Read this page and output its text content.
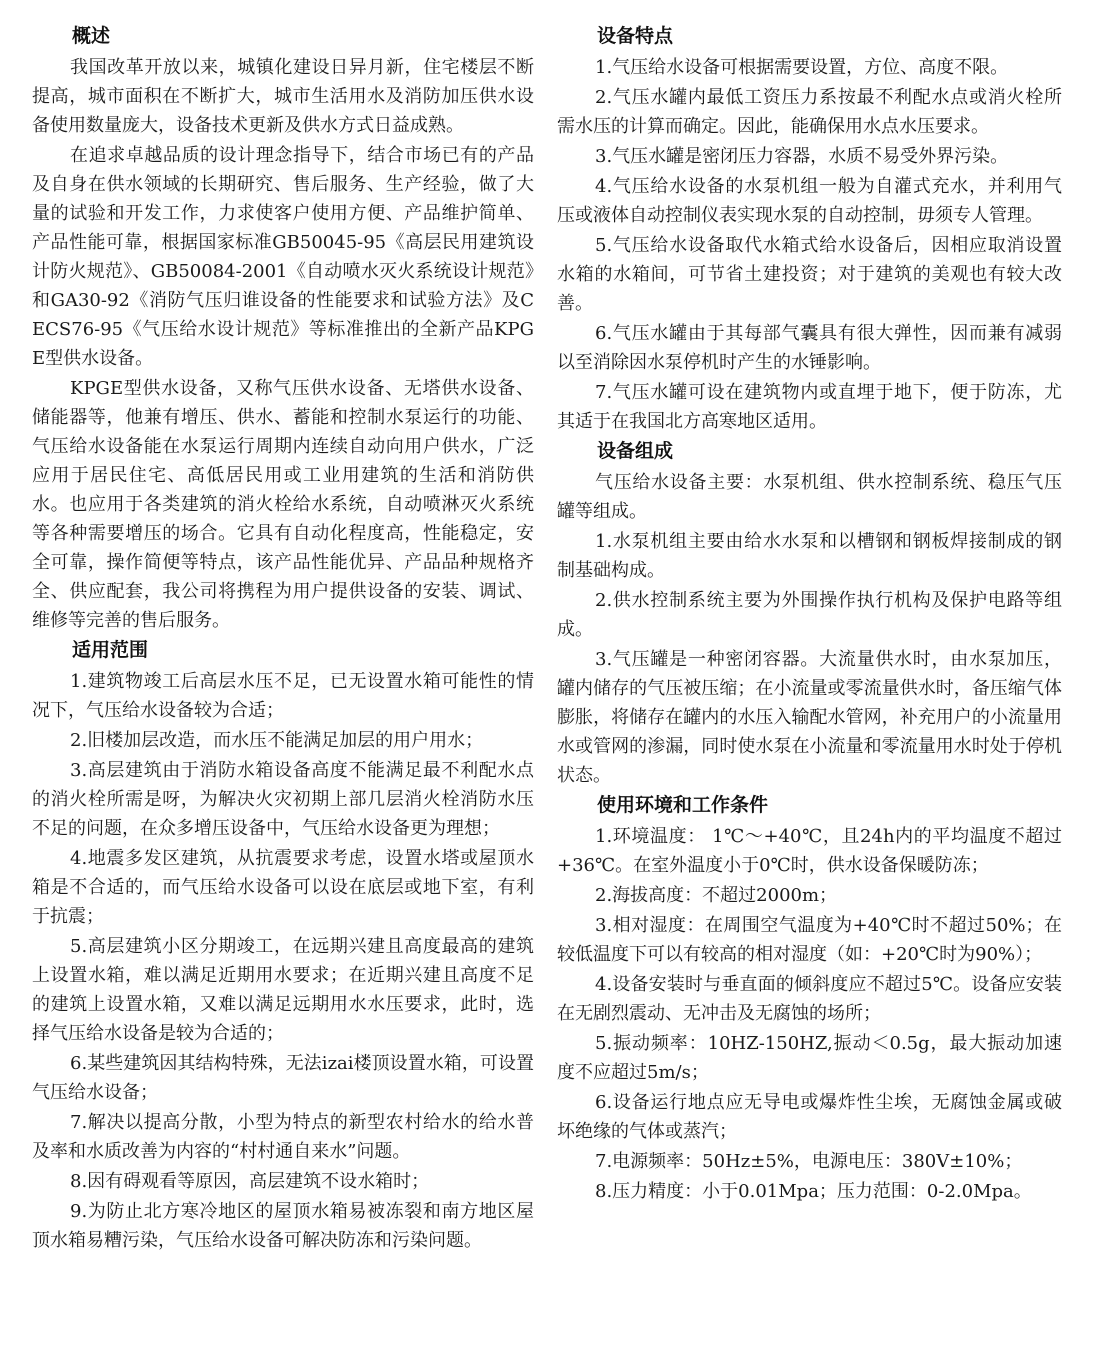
概述

我国改革开放以来，城镇化建设日异月新，住宅楼层不断提高，城市面积在不断扩大，城市生活用水及消防加压供水设备使用数量庞大，设备技术更新及供水方式日益成熟。

在追求卓越品质的设计理念指导下，结合市场已有的产品及自身在供水领域的长期研究、售后服务、生产经验，做了大量的试验和开发工作，力求使客户使用方便、产品维护简单、产品性能可靠，根据国家标准GB50045-95《高层民用建筑设计防火规范》、GB50084-2001《自动喷水灭火系统设计规范》和GA30-92《消防气压归谁设备的性能要求和试验方法》及CECS76-95《气压给水设计规范》等标准推出的全新产品KPGE型供水设备。

KPGE型供水设备，又称气压供水设备、无塔供水设备、储能器等，他兼有增压、供水、蓄能和控制水泵运行的功能、气压给水设备能在水泵运行周期内连续自动向用户供水，广泛应用于居民住宅、高低居民用或工业用建筑的生活和消防供水。也应用于各类建筑的消火栓给水系统，自动喷淋灭火系统等各种需要增压的场合。它具有自动化程度高，性能稳定，安全可靠，操作简便等特点，该产品性能优异、产品品种规格齐全、供应配套，我公司将携程为用户提供设备的安装、调试、维修等完善的售后服务。

适用范围

1.建筑物竣工后高层水压不足，已无设置水箱可能性的情况下，气压给水设备较为合适；

2.旧楼加层改造，而水压不能满足加层的用户用水；

3.高层建筑由于消防水箱设备高度不能满足最不利配水点的消火栓所需是呀，为解决火灾初期上部几层消火栓消防水压不足的问题，在众多增压设备中，气压给水设备更为理想；

4.地震多发区建筑，从抗震要求考虑，设置水塔或屋顶水箱是不合适的，而气压给水设备可以设在底层或地下室，有利于抗震；

5.高层建筑小区分期竣工，在远期兴建且高度最高的建筑上设置水箱，难以满足近期用水要求；在近期兴建且高度不足的建筑上设置水箱，又难以满足远期用水水压要求，此时，选择气压给水设备是较为合适的；

6.某些建筑因其结构特殊，无法izai楼顶设置水箱，可设置气压给水设备；

7.解决以提高分散，小型为特点的新型农村给水的给水普及率和水质改善为内容的“村村通自来水”问题。

8.因有碍观看等原因，高层建筑不设水箱时；

9.为防止北方寒冷地区的屋顶水箱易被冻裂和南方地区屋顶水箱易糟污染，气压给水设备可解决防冻和污染问题。

设备特点

1.气压给水设备可根据需要设置，方位、高度不限。

2.气压水罐内最低工资压力系按最不利配水点或消火栓所需水压的计算而确定。因此，能确保用水点水压要求。

3.气压水罐是密闭压力容器，水质不易受外界污染。

4.气压给水设备的水泵机组一般为自灌式充水，并利用气压或液体自动控制仪表实现水泵的自动控制，毋须专人管理。

5.气压给水设备取代水箱式给水设备后，因相应取消设置水箱的水箱间，可节省土建投资；对于建筑的美观也有较大改善。

6.气压水罐由于其每部气囊具有很大弹性，因而兼有减弱以至消除因水泵停机时产生的水锤影响。

7.气压水罐可设在建筑物内或直埋于地下，便于防冻，尤其适于在我国北方高寒地区适用。

设备组成

气压给水设备主要：水泵机组、供水控制系统、稳压气压罐等组成。

1.水泵机组主要由给水水泵和以槽钢和钢板焊接制成的钢制基础构成。

2.供水控制系统主要为外围操作执行机构及保护电路等组成。

3.气压罐是一种密闭容器。大流量供水时，由水泵加压，罐内储存的气压被压缩；在小流量或零流量供水时，备压缩气体膨胀，将储存在罐内的水压入输配水管网，补充用户的小流量用水或管网的渗漏，同时使水泵在小流量和零流量用水时处于停机状态。

使用环境和工作条件

1.环境温度： 1℃～+40℃，且24h内的平均温度不超过+36℃。在室外温度小于0℃时，供水设备保暖防冻；

2.海拔高度：不超过2000m；

3.相对湿度：在周围空气温度为+40℃时不超过50%；在较低温度下可以有较高的相对湿度（如：+20℃时为90%）；

4.设备安装时与垂直面的倾斜度应不超过5℃。设备应安装在无剧烈震动、无冲击及无腐蚀的场所；

5.振动频率：10HZ-150HZ,振动＜0.5g，最大振动加速度不应超过5m/s；

6.设备运行地点应无导电或爆炸性尘埃，无腐蚀金属或破坏绝缘的气体或蒸汽；

7.电源频率：50Hz±5%，电源电压：380V±10%；

8.压力精度：小于0.01Mpa；压力范围：0-2.0Mpa。
